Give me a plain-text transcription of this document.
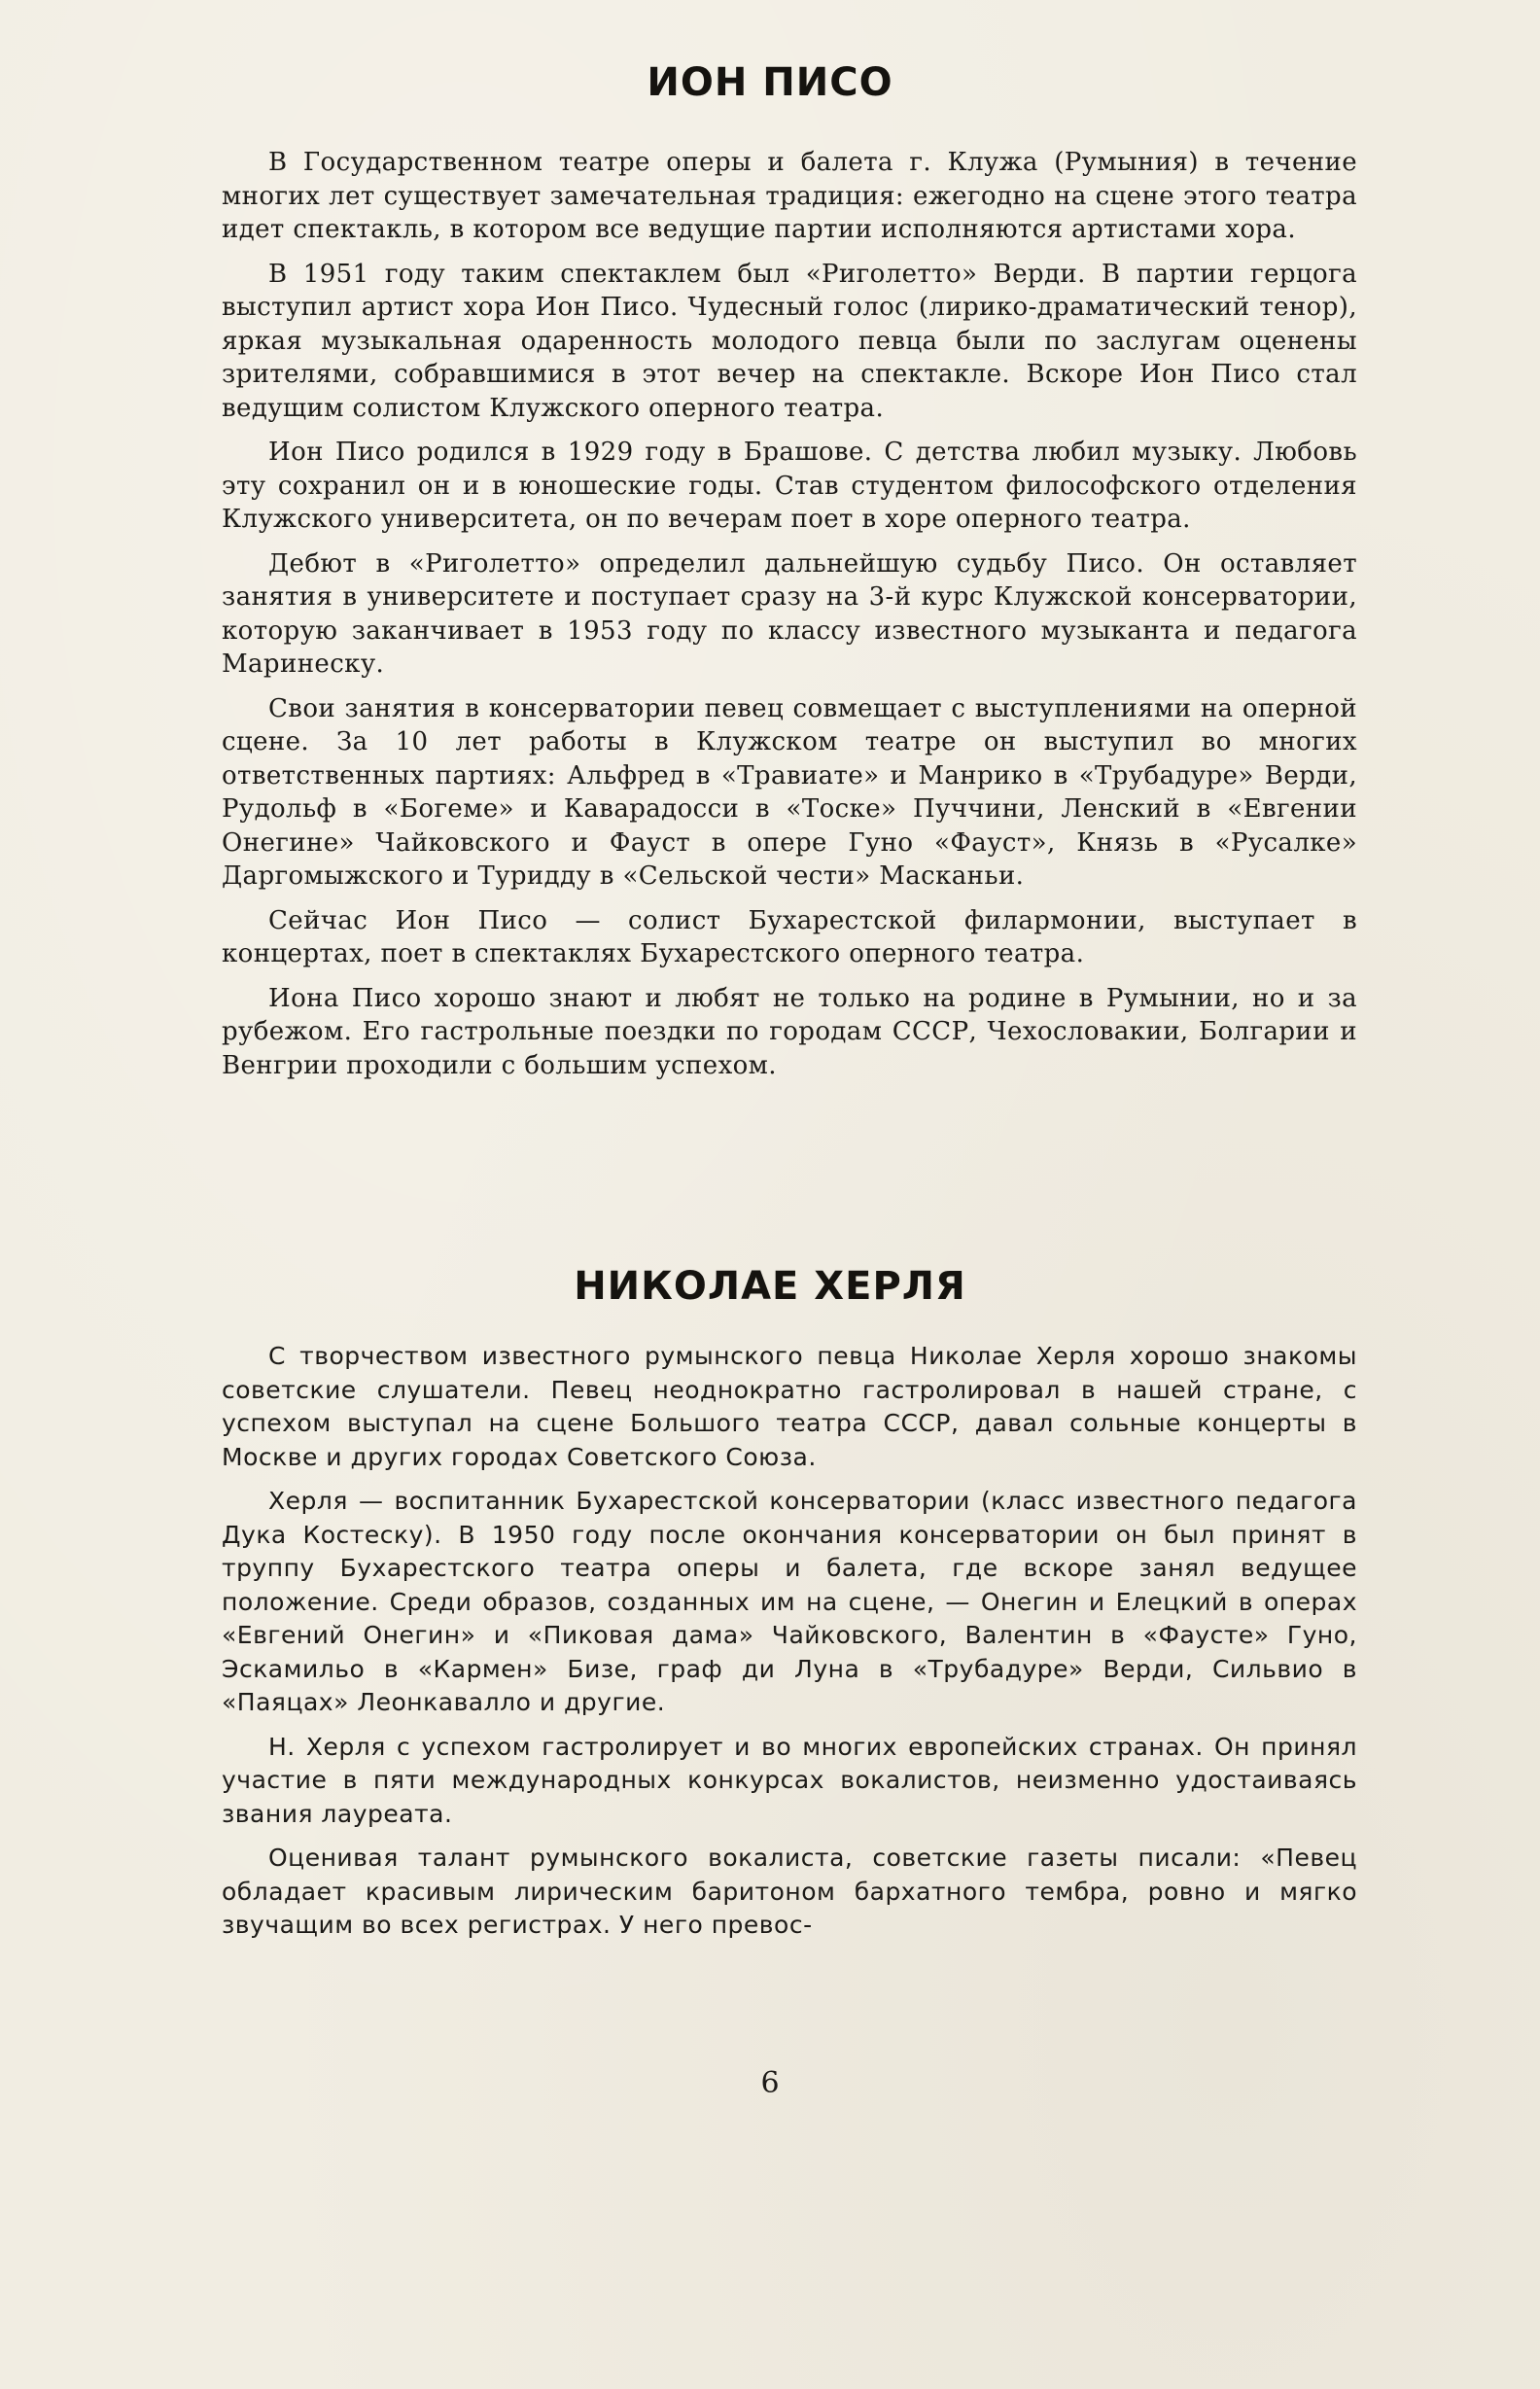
ИОН ПИСО

В Государственном театре оперы и балета г. Клужа (Румыния) в течение многих лет существует замечательная традиция: ежегодно на сцене этого театра идет спектакль, в котором все ведущие партии исполняются артистами хора.

В 1951 году таким спектаклем был «Риголетто» Верди. В партии герцога выступил артист хора Ион Писо. Чудесный голос (лирико-драматический тенор), яркая музыкальная одаренность молодого певца были по заслугам оценены зрителями, собравшимися в этот вечер на спектакле. Вскоре Ион Писо стал ведущим солистом Клужского оперного театра.

Ион Писо родился в 1929 году в Брашове. С детства любил музыку. Любовь эту сохранил он и в юношеские годы. Став студентом философского отделения Клужского университета, он по вечерам поет в хоре оперного театра.

Дебют в «Риголетто» определил дальнейшую судьбу Писо. Он оставляет занятия в университете и поступает сразу на 3-й курс Клужской консерватории, которую заканчивает в 1953 году по классу известного музыканта и педагога Маринеску.

Свои занятия в консерватории певец совмещает с выступлениями на оперной сцене. За 10 лет работы в Клужском театре он выступил во многих ответственных партиях: Альфред в «Травиате» и Манрико в «Трубадуре» Верди, Рудольф в «Богеме» и Каварадосси в «Тоске» Пуччини, Ленский в «Евгении Онегине» Чайковского и Фауст в опере Гуно «Фауст», Князь в «Русалке» Даргомыжского и Туридду в «Сельской чести» Масканьи.

Сейчас Ион Писо — солист Бухарестской филармонии, выступает в концертах, поет в спектаклях Бухарестского оперного театра.

Иона Писо хорошо знают и любят не только на родине в Румынии, но и за рубежом. Его гастрольные поездки по городам СССР, Чехословакии, Болгарии и Венгрии проходили с большим успехом.

НИКОЛАЕ ХЕРЛЯ

С творчеством известного румынского певца Николае Херля хорошо знакомы советские слушатели. Певец неоднократно гастролировал в нашей стране, с успехом выступал на сцене Большого театра СССР, давал сольные концерты в Москве и других городах Советского Союза.

Херля — воспитанник Бухарестской консерватории (класс известного педагога Дука Костеску). В 1950 году после окончания консерватории он был принят в труппу Бухарестского театра оперы и балета, где вскоре занял ведущее положение. Среди образов, созданных им на сцене, — Онегин и Елецкий в операх «Евгений Онегин» и «Пиковая дама» Чайковского, Валентин в «Фаусте» Гуно, Эскамильо в «Кармен» Бизе, граф ди Луна в «Трубадуре» Верди, Сильвио в «Паяцах» Леонкавалло и другие.

Н. Херля с успехом гастролирует и во многих европейских странах. Он принял участие в пяти международных конкурсах вокалистов, неизменно удостаиваясь звания лауреата.

Оценивая талант румынского вокалиста, советские газеты писали: «Певец обладает красивым лирическим баритоном бархатного тембра, ровно и мягко звучащим во всех регистрах. У него превос-

6
